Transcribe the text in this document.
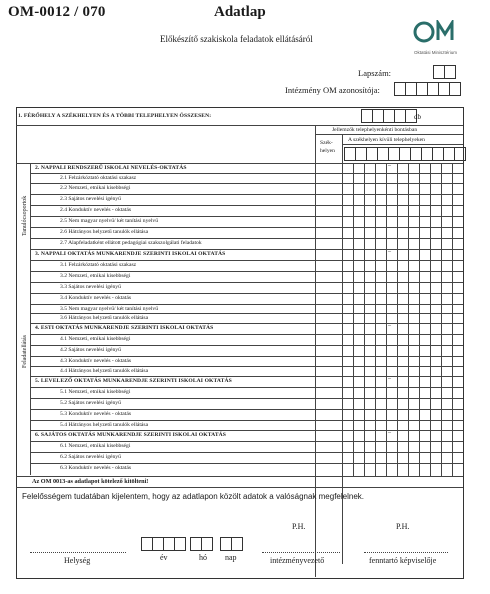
OM-0012 / 070	Adatlap
Előkészítő szakiskola feladatok ellátásáról
Oktatási Minisztérium
Lapszám:
Intézmény OM azonosítója:
1. FÉRŐHELY A SZÉKHELYEN ÉS A TÖBBI TELEPHELYEN ÖSSZESEN:	db
Jellemzők telephelyenkénti bontásban
Szék-helyen
A székhelyen kívüli telephelyeken
Tanulócsoportok
Feladatellátás
2. NAPPALI RENDSZERŰ ISKOLAI NEVELÉS-OKTATÁS
2.1 Felzárkóztató oktatási szakasz
2.2 Nemzeti, etnikai kisebbségi
2.3 Sajátos nevelési igényű
2.4 Konduktív nevelés - oktatás
2.5 Nem magyar nyelvű/ két tanítási nyelvű
2.6 Hátrányos helyzetű tanulók ellátása
2.7 Alapfeladatként ellátott pedagógiai szakszolgálati feladatok
3. NAPPALI OKTATÁS MUNKARENDJE SZERINTI ISKOLAI OKTATÁS
3.1 Felzárkóztató oktatási szakasz
3.2 Nemzeti, etnikai kisebbségi
3.3 Sajátos nevelési igényű
3.4 Konduktív nevelés - oktatás
3.5 Nem magyar nyelvű/ két tanítási nyelvű
3.6 Hátrányos helyzetű tanulók ellátása
4. ESTI OKTATÁS MUNKARENDJE SZERINTI ISKOLAI OKTATÁS
4.1 Nemzeti, etnikai kisebbségi
4.2 Sajátos nevelési igényű
4.3 Konduktív nevelés - oktatás
4.4 Hátrányos helyzetű tanulók ellátása
5. LEVELEZŐ OKTATÁS MUNKARENDJE SZERINTI ISKOLAI OKTATÁS
5.1 Nemzeti, etnikai kisebbségi
5.2 Sajátos nevelési igényű
5.3 Konduktív nevelés - oktatás
5.4 Hátrányos helyzetű tanulók ellátása
6. SAJÁTOS OKTATÁS MUNKARENDJE SZERINTI ISKOLAI OKTATÁS
6.1 Nemzeti, etnikai kisebbségi
6.2 Sajátos nevelési igényű
6.3 Konduktív nevelés - oktatás
–
–
–
–
–
Az OM 0013-as adatlapot kötelező kitölteni!
Felelősségem tudatában kijelentem, hogy az adatlapon közölt adatok a valóságnak megfelelnek.
P.H.	P.H.
Helység	év	hó nap	intézményvezető	fenntartó képviselője
